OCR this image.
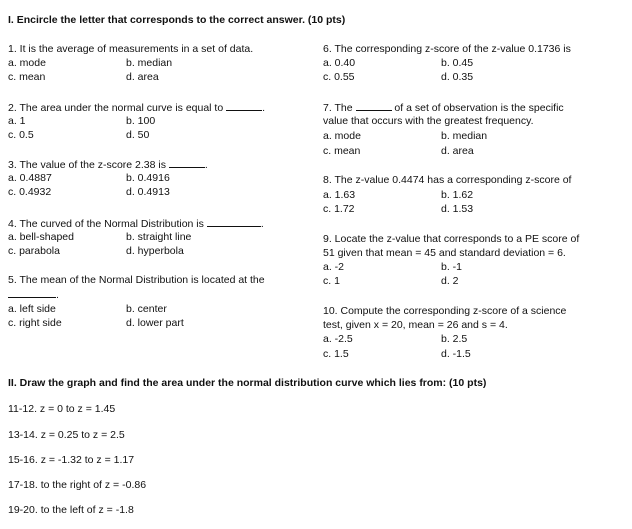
I. Encircle the letter that corresponds to the correct answer. (10 pts)
1. It is the average of measurements in a set of data.
a. mode	b. median
c. mean	d. area
2. The area under the normal curve is equal to	.
a. 1	b. 100
c. 0.5	d. 50
3. The value of the z-score 2.38 is	.
a. 0.4887	b. 0.4916
c. 0.4932	d. 0.4913
4. The curved of the Normal Distribution is	.
a. bell-shaped	b. straight line
c. parabola	d. hyperbola
5. The mean of the Normal Distribution is located at the
.
a. left side	b. center
c. right side	d. lower part
6. The corresponding z-score of the z-value 0.1736 is
a. 0.40	b. 0.45
c. 0.55	d. 0.35
7. The	of a set of observation is the specific
value that occurs with the greatest frequency.
a. mode	b. median
c. mean	d. area
8. The z-value 0.4474 has a corresponding z-score of
a. 1.63	b. 1.62
c. 1.72	d. 1.53
9. Locate the z-value that corresponds to a PE score of
51 given that mean = 45 and standard deviation = 6.
a. -2	b. -1
c. 1	d. 2
10. Compute the corresponding z-score of a science
test, given x = 20, mean = 26 and s = 4.
a. -2.5	b. 2.5
c. 1.5	d. -1.5
II. Draw the graph and find the area under the normal distribution curve which lies from: (10 pts)
11-12. z = 0 to z = 1.45
13-14. z = 0.25 to z = 2.5
15-16. z = -1.32 to z = 1.17
17-18. to the right of z = -0.86
19-20. to the left of z = -1.8
